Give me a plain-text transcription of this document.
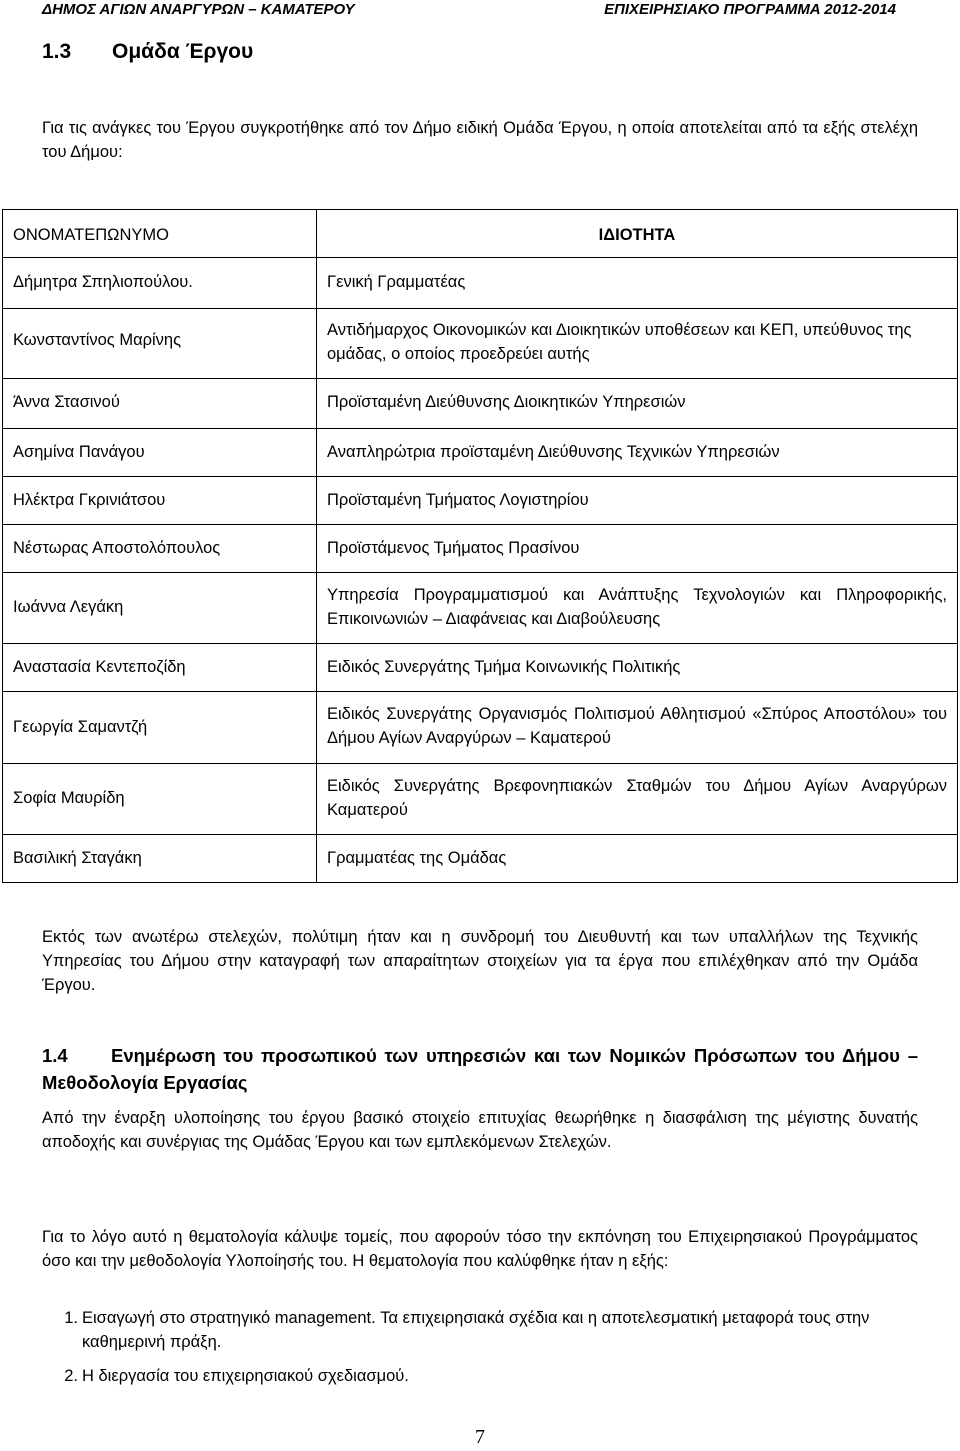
ΔΗΜΟΣ ΑΓΙΩΝ ΑΝΑΡΓΥΡΩΝ – ΚΑΜΑΤΕΡΟΥ	ΕΠΙΧΕΙΡΗΣΙΑΚΟ ΠΡΟΓΡΑΜΜΑ 2012-2014
1.3 Ομάδα Έργου

Για τις ανάγκες του Έργου συγκροτήθηκε από τον Δήμο ειδική Ομάδα Έργου, η οποία αποτελείται από τα εξής στελέχη του Δήμου:

ΟΝΟΜΑΤΕΠΩΝΥΜΟ	ΙΔΙΟΤΗΤΑ
Δήμητρα Σπηλιοπούλου.	Γενική Γραμματέας
Κωνσταντίνος Μαρίνης	Αντιδήμαρχος Οικονομικών και Διοικητικών υποθέσεων και ΚΕΠ, υπεύθυνος της ομάδας, ο οποίος προεδρεύει αυτής
Άννα Στασινού	Προϊσταμένη Διεύθυνσης Διοικητικών Υπηρεσιών
Ασημίνα Πανάγου	Αναπληρώτρια προϊσταμένη Διεύθυνσης Τεχνικών Υπηρεσιών
Ηλέκτρα Γκρινιάτσου	Προϊσταμένη Τμήματος Λογιστηρίου
Νέστωρας Αποστολόπουλος	Προϊστάμενος Τμήματος Πρασίνου
Ιωάννα Λεγάκη	Υπηρεσία Προγραμματισμού και Ανάπτυξης Τεχνολογιών και Πληροφορικής, Επικοινωνιών – Διαφάνειας και Διαβούλευσης
Αναστασία Κεντεποζίδη	Ειδικός Συνεργάτης Τμήμα Κοινωνικής Πολιτικής
Γεωργία Σαμαντζή	Ειδικός Συνεργάτης Οργανισμός Πολιτισμού Αθλητισμού «Σπύρος Αποστόλου» του Δήμου Αγίων Αναργύρων – Καματερού
Σοφία Μαυρίδη	Ειδικός Συνεργάτης Βρεφονηπιακών Σταθμών του Δήμου Αγίων Αναργύρων Καματερού
Βασιλική Σταγάκη	Γραμματέας της Ομάδας

Εκτός των ανωτέρω στελεχών, πολύτιμη ήταν και η συνδρομή του Διευθυντή και των υπαλλήλων της Τεχνικής Υπηρεσίας του Δήμου στην καταγραφή των απαραίτητων στοιχείων για τα έργα που επιλέχθηκαν από την Ομάδα Έργου.

1.4 Ενημέρωση του προσωπικού των υπηρεσιών και των Νομικών Πρόσωπων του Δήμου – Μεθοδολογία Εργασίας

Από την έναρξη υλοποίησης του έργου βασικό στοιχείο επιτυχίας θεωρήθηκε η διασφάλιση της μέγιστης δυνατής αποδοχής και συνέργιας της Ομάδας Έργου και των εμπλεκόμενων Στελεχών.

Για το λόγο αυτό η θεματολογία κάλυψε τομείς, που αφορούν τόσο την εκπόνηση του Επιχειρησιακού Προγράμματος όσο και την μεθοδολογία Υλοποίησής του. Η θεματολογία που καλύφθηκε ήταν η εξής:

1. Εισαγωγή στο στρατηγικό management. Τα επιχειρησιακά σχέδια και η αποτελεσματική μεταφορά τους στην καθημερινή πράξη.
2. Η διεργασία του επιχειρησιακού σχεδιασμού.
7
